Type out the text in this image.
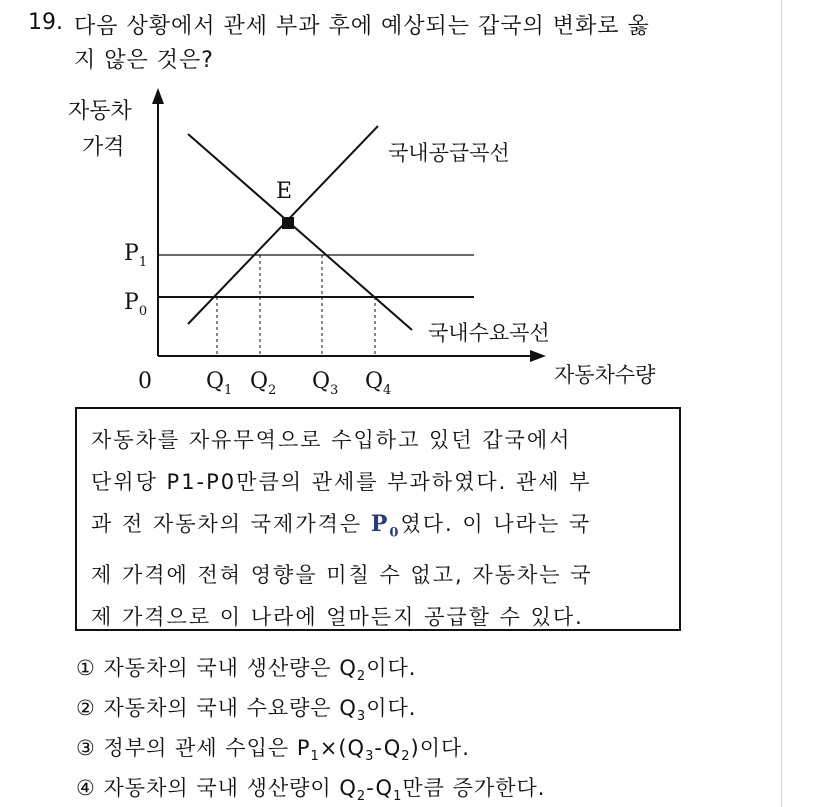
19. 다음 상황에서 관세 부과 후에 예상되는 갑국의 변화로 옳
지 않은 것은?
자동차
가격
E
$P_1$
$P_0$
0 $Q_1$ $Q_2$ $Q_3$ $Q_4$
국내공급곡선
국내수요곡선
자동차수량
자동차를 자유무역으로 수입하고 있던 갑국에서
단위당 P1-P0만큼의 관세를 부과하였다. 관세 부
과 전 자동차의 국제가격은 $P_0$였다. 이 나라는 국
제 가격에 전혀 영향을 미칠 수 없고, 자동차는 국
제 가격으로 이 나라에 얼마든지 공급할 수 있다.
① 자동차의 국내 생산량은 $Q_2$이다.
② 자동차의 국내 수요량은 $Q_3$이다.
③ 정부의 관세 수입은 $P_1\times(Q_3-Q_2)$이다.
④ 자동차의 국내 생산량이 $Q_2-Q_1$만큼 증가한다.
